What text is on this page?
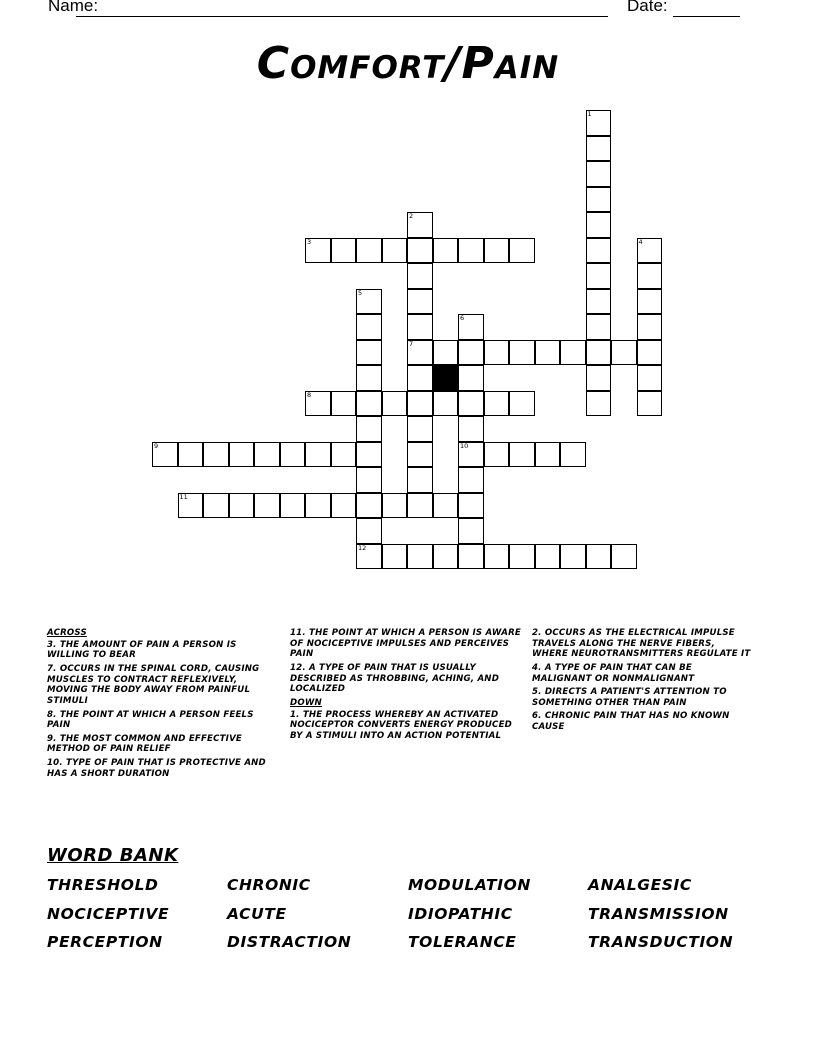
Name:	Date:
Comfort/Pain
1
2
7
3	4
5
6
10
8
9
11
12

ACROSS

3. THE AMOUNT OF PAIN A PERSON IS WILLING TO BEAR

7. OCCURS IN THE SPINAL CORD, CAUSING MUSCLES TO CONTRACT REFLEXIVELY, MOVING THE BODY AWAY FROM PAINFUL STIMULI

8. THE POINT AT WHICH A PERSON FEELS PAIN

9. THE MOST COMMON AND EFFECTIVE METHOD OF PAIN RELIEF

10. TYPE OF PAIN THAT IS PROTECTIVE AND HAS A SHORT DURATION

11. THE POINT AT WHICH A PERSON IS AWARE OF NOCICEPTIVE IMPULSES AND PERCEIVES PAIN

12. A TYPE OF PAIN THAT IS USUALLY DESCRIBED AS THROBBING, ACHING, AND LOCALIZED

DOWN

1. THE PROCESS WHEREBY AN ACTIVATED NOCICEPTOR CONVERTS ENERGY PRODUCED BY A STIMULI INTO AN ACTION POTENTIAL

2. OCCURS AS THE ELECTRICAL IMPULSE TRAVELS ALONG THE NERVE FIBERS, WHERE NEUROTRANSMITTERS REGULATE IT

4. A TYPE OF PAIN THAT CAN BE MALIGNANT OR NONMALIGNANT

5. DIRECTS A PATIENT'S ATTENTION TO SOMETHING OTHER THAN PAIN

6. CHRONIC PAIN THAT HAS NO KNOWN CAUSE

WORD BANK
THRESHOLD	CHRONIC	MODULATION	ANALGESIC
NOCICEPTIVE	ACUTE	IDIOPATHIC	TRANSMISSION
PERCEPTION	DISTRACTION	TOLERANCE	TRANSDUCTION
